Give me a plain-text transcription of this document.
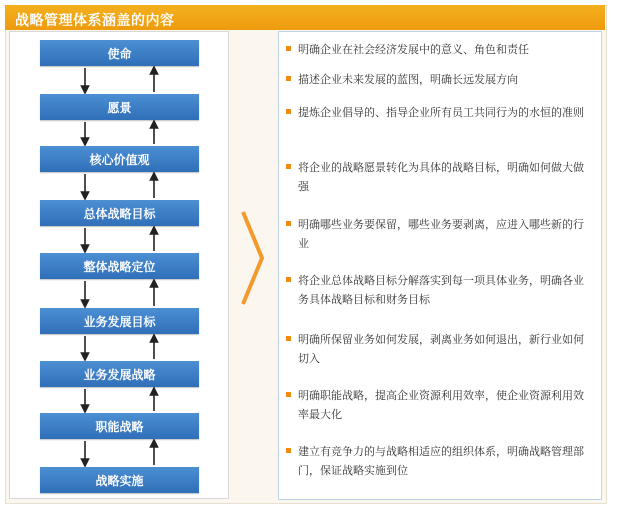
战略管理体系涵盖的内容
使命
愿景
核心价值观
总体战略目标
整体战略定位
业务发展目标
业务发展战略
职能战略
战略实施
明确企业在社会经济发展中的意义、角色和责任
描述企业未来发展的蓝图，明确长远发展方向
提炼企业倡导的、指导企业所有员工共同行为的水恒的准则
将企业的战略愿景转化为具体的战略目标，明确如何做大做强
明确哪些业务要保留，哪些业务要剥离，应进入哪些新的行业
将企业总体战略目标分解落实到每一项具体业务，明确各业务具体战略目标和财务目标
明确所保留业务如何发展，剥离业务如何退出，新行业如何切入
明确职能战略，提高企业资源利用效率，使企业资源利用效率最大化
建立有竞争力的与战略相适应的组织体系，明确战略管理部门，保证战略实施到位
